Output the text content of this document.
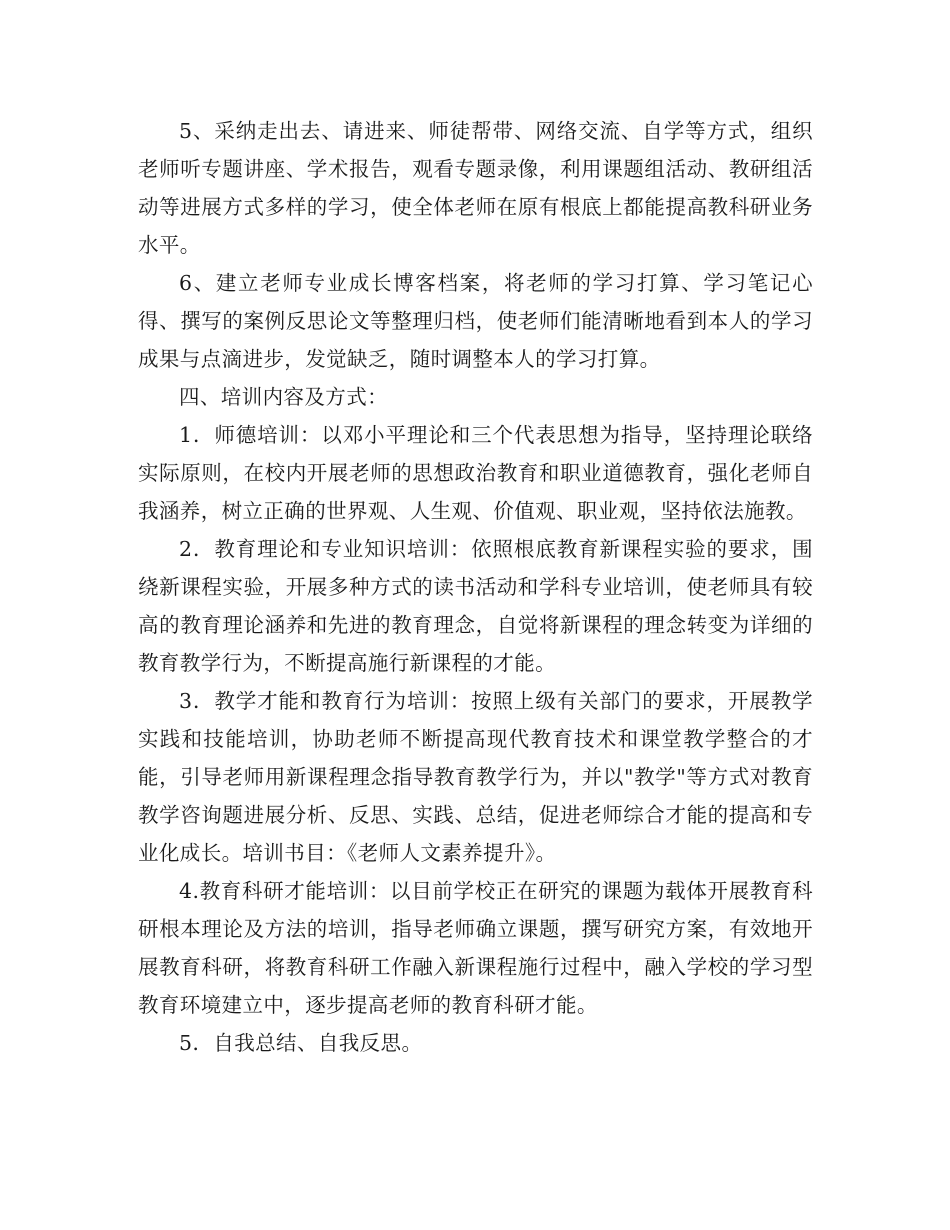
5、采纳走出去、请进来、师徒帮带、网络交流、自学等方式，组织老师听专题讲座、学术报告，观看专题录像，利用课题组活动、教研组活动等进展方式多样的学习，使全体老师在原有根底上都能提高教科研业务水平。

6、建立老师专业成长博客档案，将老师的学习打算、学习笔记心得、撰写的案例反思论文等整理归档，使老师们能清晰地看到本人的学习成果与点滴进步，发觉缺乏，随时调整本人的学习打算。

四、培训内容及方式：

1．师德培训：以邓小平理论和三个代表思想为指导，坚持理论联络实际原则，在校内开展老师的思想政治教育和职业道德教育，强化老师自我涵养，树立正确的世界观、人生观、价值观、职业观，坚持依法施教。

2．教育理论和专业知识培训：依照根底教育新课程实验的要求，围绕新课程实验，开展多种方式的读书活动和学科专业培训，使老师具有较高的教育理论涵养和先进的教育理念，自觉将新课程的理念转变为详细的教育教学行为，不断提高施行新课程的才能。

3．教学才能和教育行为培训：按照上级有关部门的要求，开展教学实践和技能培训，协助老师不断提高现代教育技术和课堂教学整合的才能，引导老师用新课程理念指导教育教学行为，并以"教学"等方式对教育教学咨询题进展分析、反思、实践、总结，促进老师综合才能的提高和专业化成长。培训书目：《老师人文素养提升》。

4.教育科研才能培训：以目前学校正在研究的课题为载体开展教育科研根本理论及方法的培训，指导老师确立课题，撰写研究方案，有效地开展教育科研，将教育科研工作融入新课程施行过程中，融入学校的学习型教育环境建立中，逐步提高老师的教育科研才能。

5．自我总结、自我反思。
